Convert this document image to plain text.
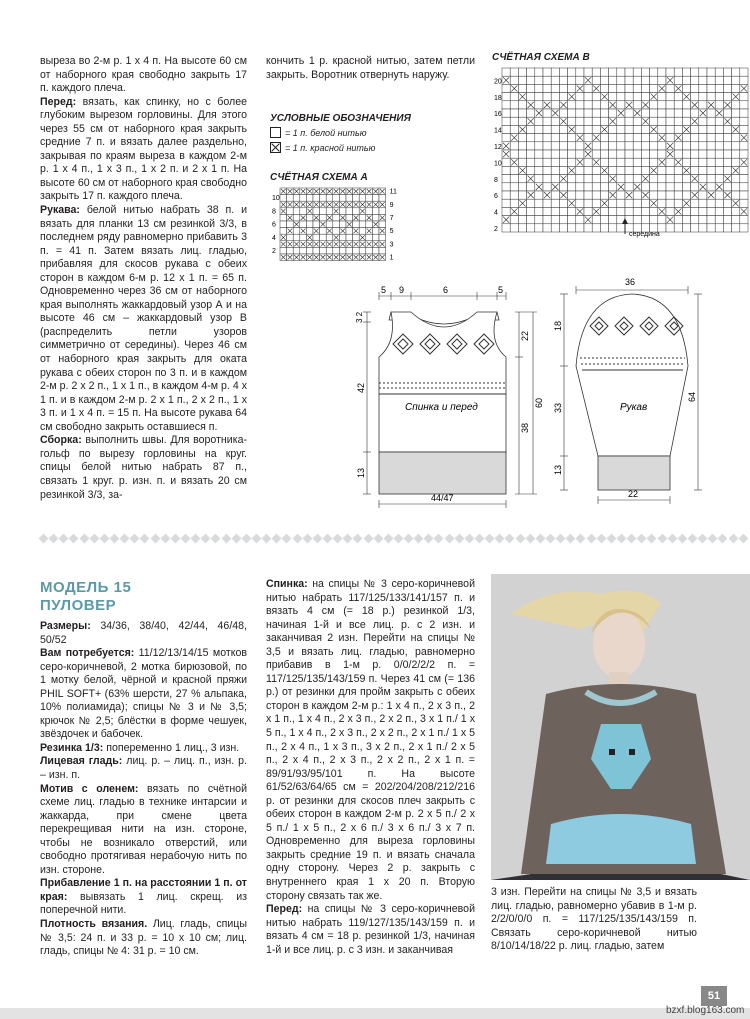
выреза во 2-м р. 1 х 4 п. На высоте 60 см от наборного края свободно закрыть 17 п. каждого плеча.

Перед: вязать, как спинку, но с более глубоким вырезом горловины. Для этого через 55 см от наборного края закрыть средние 7 п. и вязать далее раздельно, закрывая по краям выреза в каждом 2-м р. 1 х 4 п., 1 х 3 п., 1 х 2 п. и 2 х 1 п. На высоте 60 см от наборного края свободно закрыть 17 п. каждого плеча.

Рукава: белой нитью набрать 38 п. и вязать для планки 13 см резинкой 3/3, в последнем ряду равномерно прибавить 3 п. = 41 п. Затем вязать лиц. гладью, прибавляя для скосов рукава с обеих сторон в каждом 6-м р. 12 х 1 п. = 65 п. Одновременно через 36 см от наборного края выполнять жаккардовый узор А и на высоте 46 см – жаккардовый узор В (распределить петли узоров симметрично от середины). Через 46 см от наборного края закрыть для оката рукава с обеих сторон по 3 п. и в каждом 2-м р. 2 х 2 п., 1 х 1 п., в каждом 4-м р. 4 х 1 п. и в каждом 2-м р. 2 х 1 п., 2 х 2 п., 1 х 3 п. и 1 х 4 п. = 15 п. На высоте рукава 64 см свободно закрыть оставшиеся п.

Сборка: выполнить швы. Для воротника-гольф по вырезу горловины на круг. спицы белой нитью набрать 87 п., связать 1 круг. р. изн. п. и вязать 20 см резинкой 3/3, за-

кончить 1 р. красной нитью, затем петли закрыть. Воротник отвернуть наружу.

УСЛОВНЫЕ ОБОЗНАЧЕНИЯ
= 1 п. белой нитью
= 1 п. красной нитью
СЧЁТНАЯ СХЕМА А
10
8
6
4
2
11
9
7
5
3
1
СЧЁТНАЯ СХЕМА В
20
18
16
14
12
10
8
6
4
2
середина
Спинка и перед
5 9	6	5
3 2
42
13
22
60
38
44/47
Рукав
36
18
33
13
64
22
МОДЕЛЬ 15
ПУЛОВЕР

Размеры: 34/36, 38/40, 42/44, 46/48, 50/52

Вам потребуется: 11/12/13/14/15 мотков серо-коричневой, 2 мотка бирюзовой, по 1 мотку белой, чёрной и красной пряжи PHIL SOFT+ (63% шерсти, 27 % альпака, 10% полиамида); спицы № 3 и № 3,5; крючок № 2,5; блёстки в форме чешуек, звёздочек и бабочек.

Резинка 1/3: попеременно 1 лиц., 3 изн.

Лицевая гладь: лиц. р. – лиц. п., изн. р. – изн. п.

Мотив с оленем: вязать по счётной схеме лиц. гладью в технике интарсии и жаккарда, при смене цвета перекрещивая нити на изн. стороне, чтобы не возникало отверстий, или свободно протягивая нерабочую нить по изн. стороне.

Прибавление 1 п. на расстоянии 1 п. от края: вывязать 1 лиц. скрещ. из поперечной нити.

Плотность вязания. Лиц. гладь, спицы № 3,5: 24 п. и 33 р. = 10 х 10 см; лиц. гладь, спицы № 4: 31 р. = 10 см.

Спинка: на спицы № 3 серо-коричневой нитью набрать 117/125/133/141/157 п. и вязать 4 см (= 18 р.) резинкой 1/3, начиная 1-й и все лиц. р. с 2 изн. и заканчивая 2 изн. Перейти на спицы № 3,5 и вязать лиц. гладью, равномерно прибавив в 1-м р. 0/0/2/2/2 п. = 117/125/135/143/159 п. Через 41 см (= 136 р.) от резинки для пройм закрыть с обеих сторон в каждом 2-м р.: 1 х 4 п., 2 х 3 п., 2 х 1 п., 1 х 4 п., 2 х 3 п., 2 х 2 п., 3 х 1 п./ 1 х 5 п., 1 х 4 п., 2 х 3 п., 2 х 2 п., 2 х 1 п./ 1 х 5 п., 2 х 4 п., 1 х 3 п., 3 х 2 п., 2 х 1 п./ 2 х 5 п., 2 х 4 п., 2 х 3 п., 2 х 2 п., 2 х 1 п. = 89/91/93/95/101 п. На высоте 61/52/63/64/65 см = 202/204/208/212/216 р. от резинки для скосов плеч закрыть с обеих сторон в каждом 2-м р. 2 х 5 п./ 2 х 5 п./ 1 х 5 п., 2 х 6 п./ 3 х 6 п./ 3 х 7 п. Одновременно для выреза горловины закрыть средние 19 п. и вязать сначала одну сторону. Через 2 р. закрыть с внутреннего края 1 х 20 п. Вторую сторону связать так же.

Перед: на спицы № 3 серо-коричневой нитью набрать 119/127/135/143/159 п. и вязать 4 см = 18 р. резинкой 1/3, начиная 1-й и все лиц. р. с 3 изн. и заканчивая

3 изн. Перейти на спицы № 3,5 и вязать лиц. гладью, равномерно убавив в 1-м р. 2/2/0/0/0 п. = 117/125/135/143/159 п. Связать серо-коричневой нитью 8/10/14/18/22 р. лиц. гладью, затем

51
bzxf.blog163.com
